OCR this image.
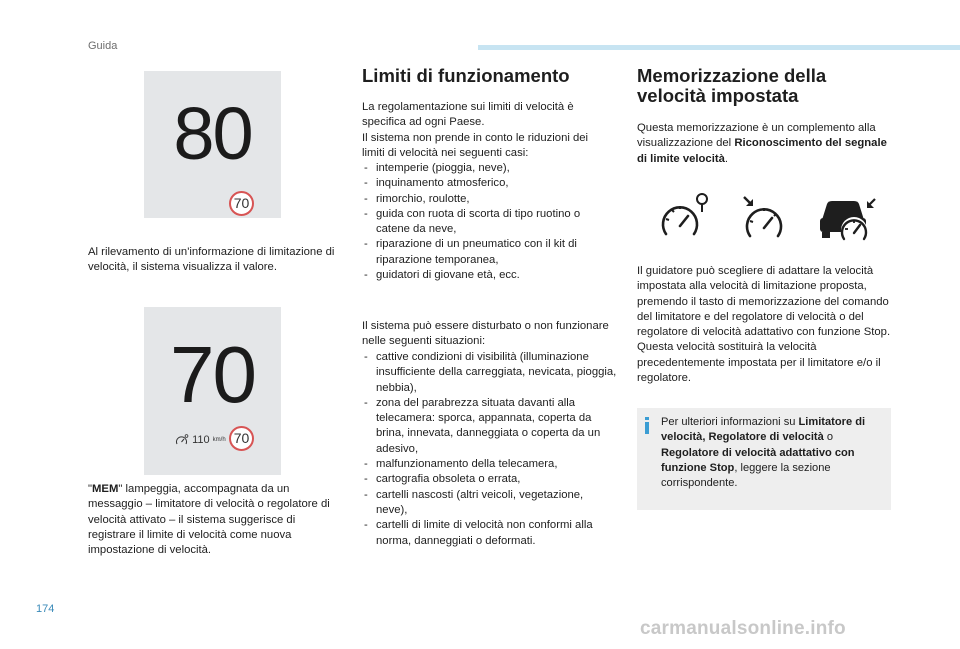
Guida
80
70
Al rilevamento di un'informazione di limitazione di velocità, il sistema visualizza il valore.
70
110 km/h 70
"MEM" lampeggia, accompagnata da un messaggio – limitatore di velocità o regolatore di velocità attivato – il sistema suggerisce di registrare il limite di velocità come nuova impostazione di velocità.
Limiti di funzionamento

La regolamentazione sui limiti di velocità è specifica ad ogni Paese.

Il sistema non prende in conto le riduzioni dei limiti di velocità nei seguenti casi:

- intemperie (pioggia, neve),
- inquinamento atmosferico,
- rimorchio, roulotte,
- guida con ruota di scorta di tipo ruotino o catene da neve,
- riparazione di un pneumatico con il kit di riparazione temporanea,
- guidatori di giovane età, ecc.
Il sistema può essere disturbato o non funzionare nelle seguenti situazioni:
- cattive condizioni di visibilità (illuminazione insufficiente della carreggiata, nevicata, pioggia, nebbia),
- zona del parabrezza situata davanti alla telecamera: sporca, appannata, coperta da brina, innevata, danneggiata o coperta da un adesivo,
- malfunzionamento della telecamera,
- cartografia obsoleta o errata,
- cartelli nascosti (altri veicoli, vegetazione, neve),
- cartelli di limite di velocità non conformi alla norma, danneggiati o deformati.
Memorizzazione della velocità impostata
Questa memorizzazione è un complemento alla visualizzazione del Riconoscimento del segnale di limite velocità.

Il guidatore può scegliere di adattare la velocità impostata alla velocità di limitazione proposta, premendo il tasto di memorizzazione del comando del limitatore e del regolatore di velocità o del regolatore di velocità adattativo con funzione Stop.

Questa velocità sostituirà la velocità precedentemente impostata per il limitatore e/o il regolatore.

Per ulteriori informazioni su Limitatore di velocità, Regolatore di velocità o Regolatore di velocità adattativo con funzione Stop, leggere la sezione corrispondente.
174
carmanualsonline.info
